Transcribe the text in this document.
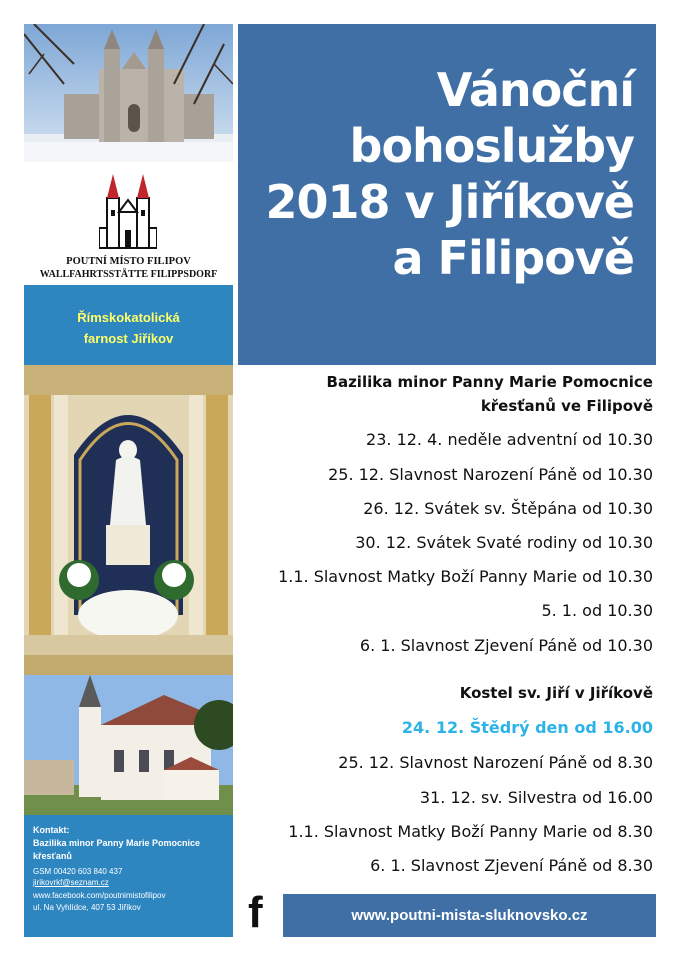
POUTNÍ MÍSTO FILIPOV
WALLFAHRTSSTÄTTE FILIPPSDORF
Římskokatolická
farnost Jiříkov
Kontakt:
Bazilika minor Panny Marie Pomocnice
křesťanů
GSM 00420 603 840 437
jirikovrkf@seznam.cz
www.facebook.com/poutnimistofilipov
ul. Na Vyhlídce, 407 53 Jiříkov
Vánoční
bohoslužby
2018 v Jiříkově
a Filipově
Bazilika minor Panny Marie Pomocnice
křesťanů ve Filipově
23. 12. 4. neděle adventní od 10.30
25. 12. Slavnost Narození Páně od 10.30
26. 12. Svátek sv. Štěpána od 10.30
30. 12. Svátek Svaté rodiny od 10.30
1.1. Slavnost Matky Boží Panny Marie od 10.30
5. 1. od 10.30
6. 1. Slavnost Zjevení Páně od 10.30
Kostel sv. Jiří v Jiříkově
24. 12. Štědrý den od 16.00
25. 12. Slavnost Narození Páně od 8.30
31. 12. sv. Silvestra od 16.00
1.1. Slavnost Matky Boží Panny Marie od 8.30
6. 1. Slavnost Zjevení Páně od 8.30
f	www.poutni-mista-sluknovsko.cz
